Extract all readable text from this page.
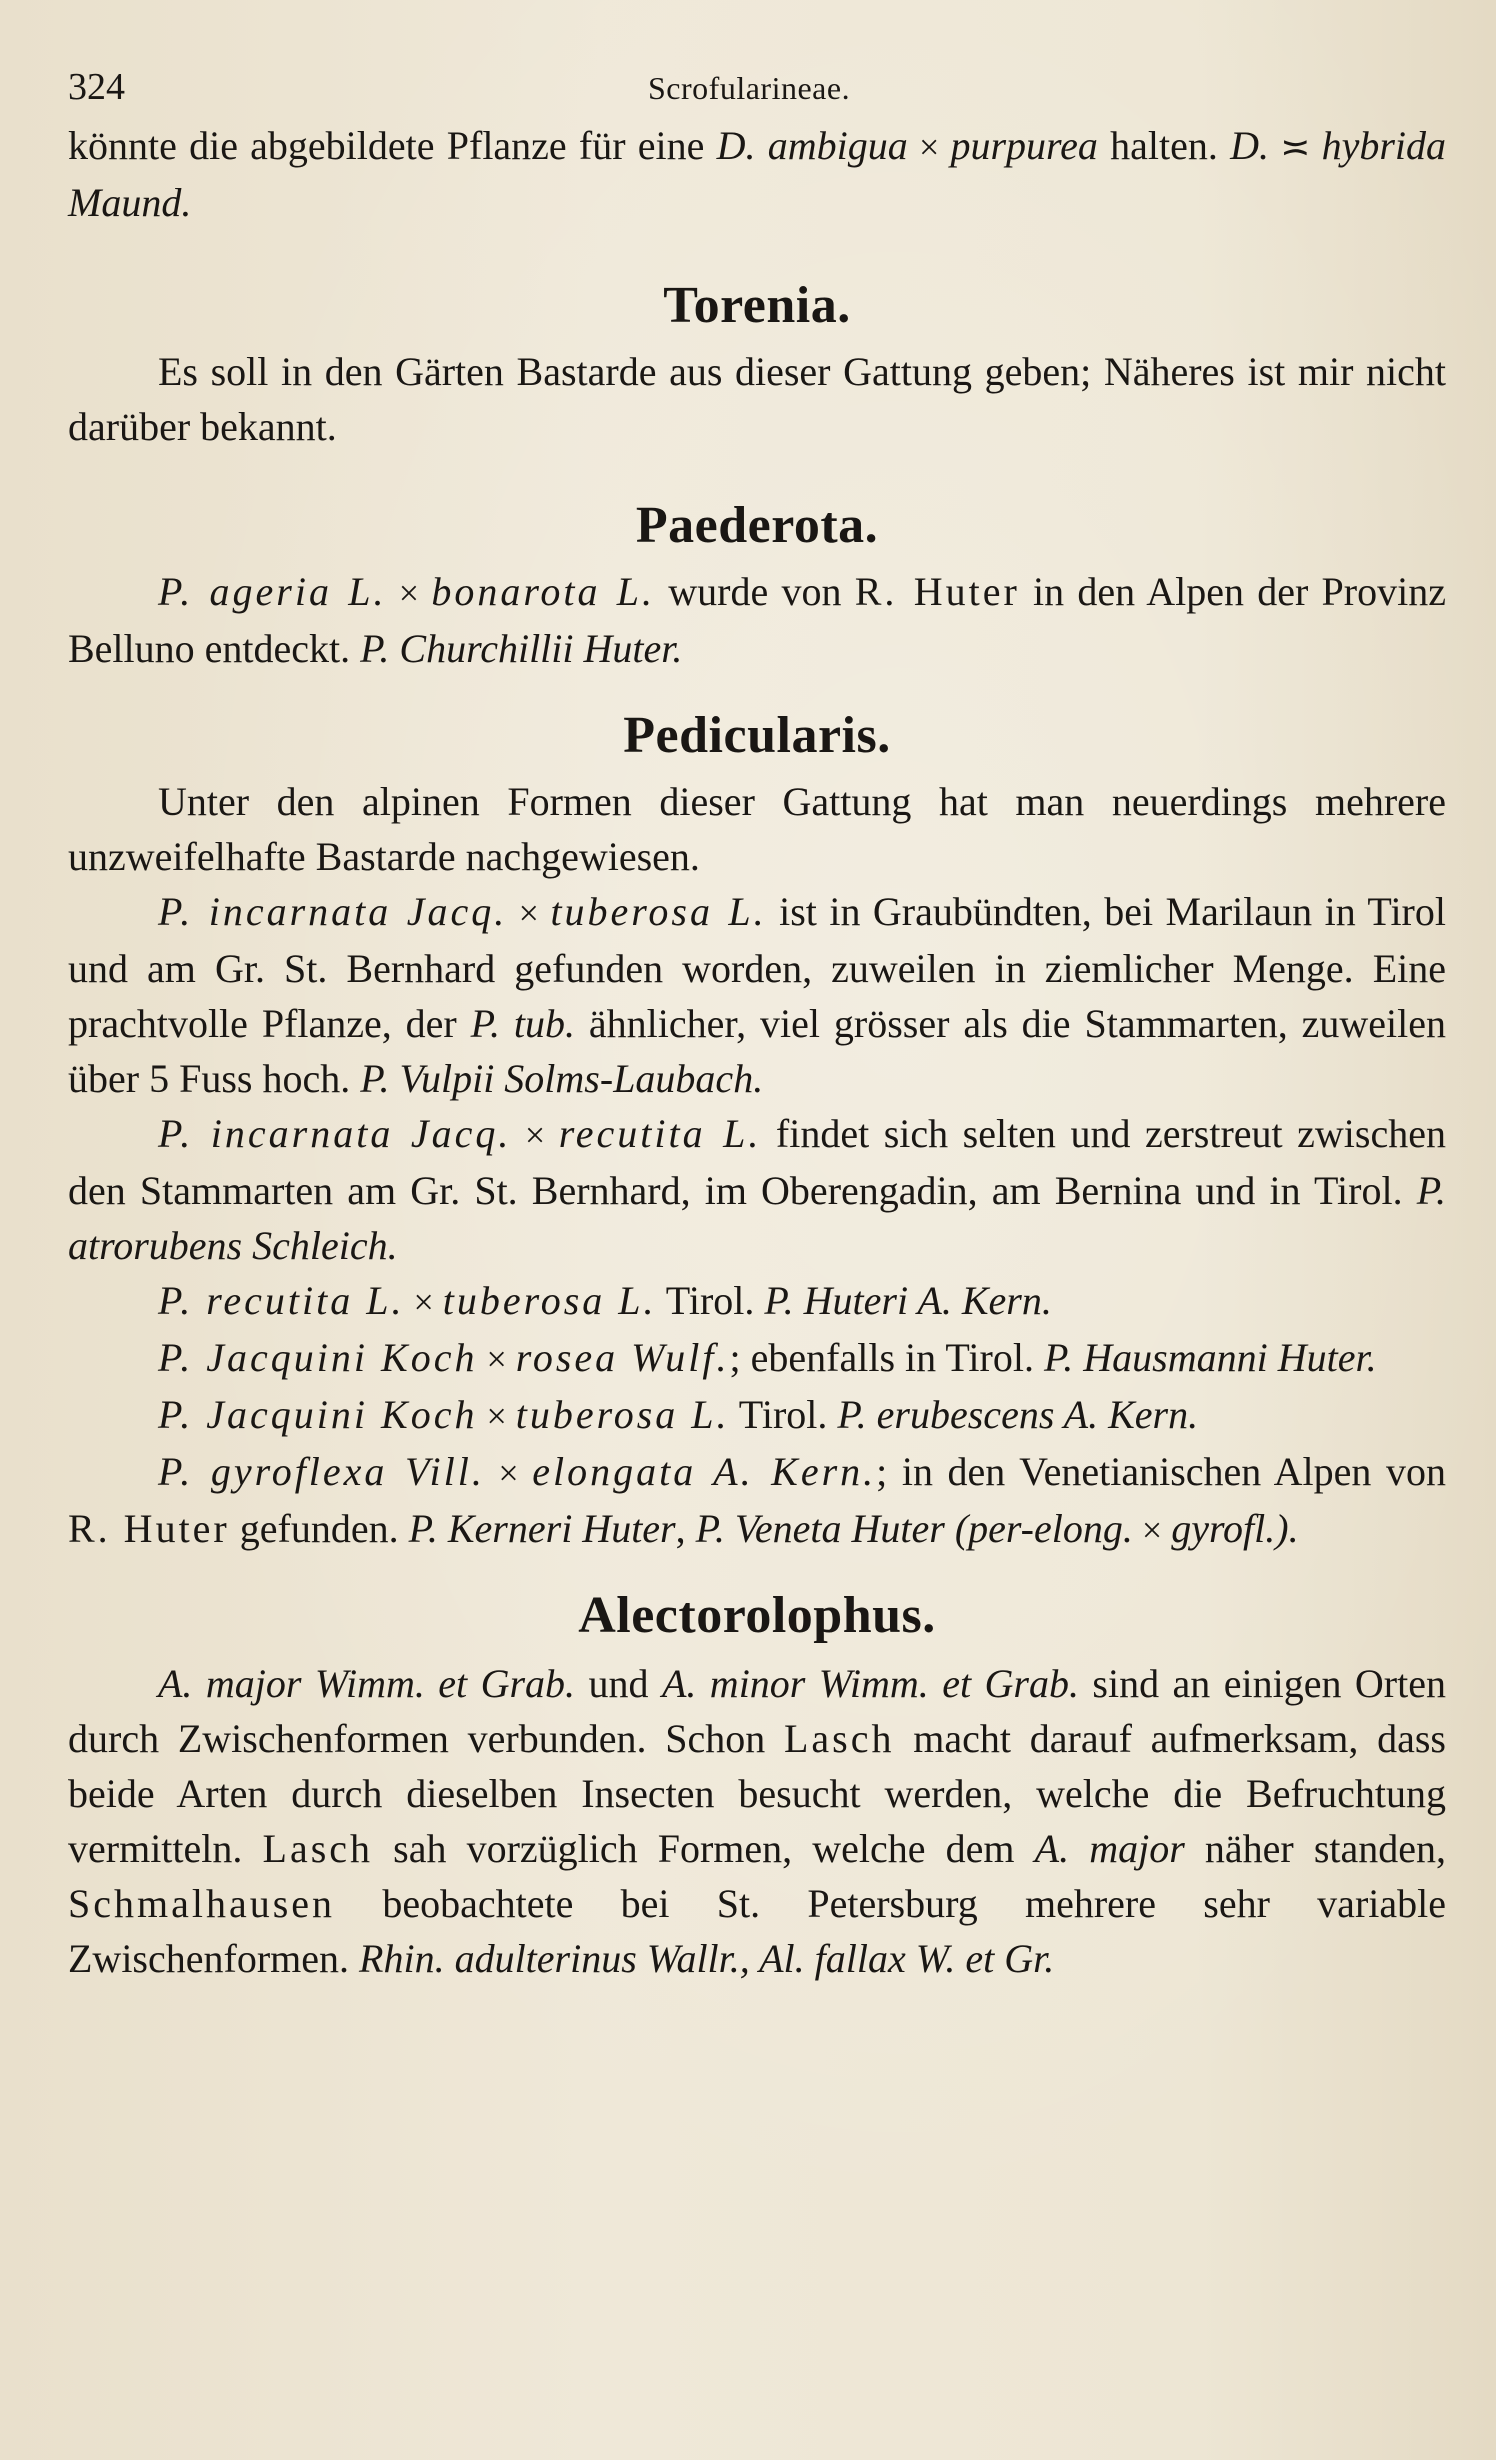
324	Scrofularineae.

könnte die abgebildete Pflanze für eine D. ambigua × purpurea halten. D. ≍ hybrida Maund.

Torenia.

Es soll in den Gärten Bastarde aus dieser Gattung geben; Näheres ist mir nicht darüber bekannt.

Paederota.

P. ageria L. × bonarota L. wurde von R. Huter in den Alpen der Provinz Belluno entdeckt. P. Churchillii Huter.

Pedicularis.

Unter den alpinen Formen dieser Gattung hat man neuerdings mehrere unzweifelhafte Bastarde nachgewiesen.

P. incarnata Jacq. × tuberosa L. ist in Graubündten, bei Marilaun in Tirol und am Gr. St. Bernhard gefunden worden, zuweilen in ziemlicher Menge. Eine prachtvolle Pflanze, der P. tub. ähnlicher, viel grösser als die Stammarten, zuweilen über 5 Fuss hoch. P. Vulpii Solms-Laubach.

P. incarnata Jacq. × recutita L. findet sich selten und zerstreut zwischen den Stammarten am Gr. St. Bernhard, im Oberengadin, am Bernina und in Tirol. P. atrorubens Schleich.

P. recutita L. × tuberosa L. Tirol. P. Huteri A. Kern.

P. Jacquini Koch × rosea Wulf.; ebenfalls in Tirol. P. Hausmanni Huter.

P. Jacquini Koch × tuberosa L. Tirol. P. erubescens A. Kern.

P. gyroflexa Vill. × elongata A. Kern.; in den Venetianischen Alpen von R. Huter gefunden. P. Kerneri Huter, P. Veneta Huter (per-elong. × gyrofl.).

Alectorolophus.

A. major Wimm. et Grab. und A. minor Wimm. et Grab. sind an einigen Orten durch Zwischenformen verbunden. Schon Lasch macht darauf aufmerksam, dass beide Arten durch dieselben Insecten besucht werden, welche die Befruchtung vermitteln. Lasch sah vorzüglich Formen, welche dem A. major näher standen, Schmalhausen beobachtete bei St. Petersburg mehrere sehr variable Zwischenformen. Rhin. adulterinus Wallr., Al. fallax W. et Gr.
